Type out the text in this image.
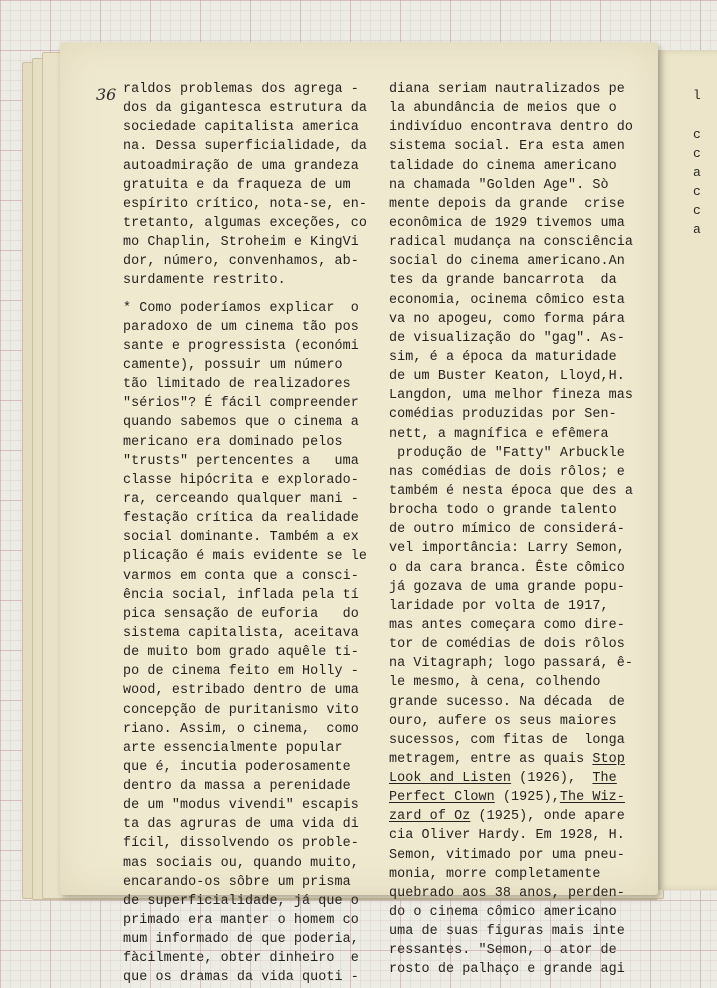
l
c
c
a
c
c
a
36 raldos problemas dos agrega -
dos da gigantesca estrutura da
sociedade capitalista america
na. Dessa superficialidade, da
autoadmiração de uma grandeza
gratuita e da fraqueza de um
espírito crítico, nota-se, en-
tretanto, algumas exceções, co
mo Chaplin, Stroheim e KingVi
dor, número, convenhamos, ab-
surdamente restrito.
* Como poderíamos explicar  o
paradoxo de um cinema tão pos
sante e progressista (económi
camente), possuir um número
tão limitado de realizadores
"sérios"? É fácil compreender
quando sabemos que o cinema a
mericano era dominado pelos
"trusts" pertencentes a   uma
classe hipócrita e explorado-
ra, cerceando qualquer mani -
festação crítica da realidade
social dominante. Também a ex
plicação é mais evidente se le
varmos em conta que a consci-
ência social, inflada pela tí
pica sensação de euforia   do
sistema capitalista, aceitava
de muito bom grado aquêle ti-
po de cinema feito em Holly -
wood, estribado dentro de uma
concepção de puritanismo vito
riano. Assim, o cinema,  como
arte essencialmente popular
que é, incutia poderosamente
dentro da massa a perenidade
de um "modus vivendi" escapis
ta das agruras de uma vida di
fícil, dissolvendo os proble-
mas sociais ou, quando muito,
encarando-os sôbre um prisma
de superficialidade, já que o
primado era manter o homem co
mum informado de que poderia,
fàcilmente, obter dinheiro  e
que os dramas da vida quoti -
diana seriam nautralizados pe
la abundância de meios que o
indivíduo encontrava dentro do
sistema social. Era esta amen
talidade do cinema americano
na chamada "Golden Age". Sò
mente depois da grande  crise
econômica de 1929 tivemos uma
radical mudança na consciência
social do cinema americano.An
tes da grande bancarrota  da
economia, ocinema cômico esta
va no apogeu, como forma pára
de visualização do "gag". As-
sim, é a época da maturidade
de um Buster Keaton, Lloyd,H.
Langdon, uma melhor fineza mas
comédias produzidas por Sen-
nett, a magnífica e efêmera
produção de "Fatty" Arbuckle
nas comédias de dois rôlos; e
também é nesta época que des a
brocha todo o grande talento
de outro mímico de considerá-
vel importância: Larry Semon,
o da cara branca. Êste cômico
já gozava de uma grande popu-
laridade por volta de 1917,
mas antes começara como dire-
tor de comédias de dois rôlos
na Vitagraph; logo passará, ê-
le mesmo, à cena, colhendo
grande sucesso. Na década  de
ouro, aufere os seus maiores
sucessos, com fitas de  longa
metragem, entre as quais Stop
Look and Listen (1926),  The
Perfect Clown (1925),The Wiz-
zard of Oz (1925), onde apare
cia Oliver Hardy. Em 1928, H.
Semon, vitimado por uma pneu-
monia, morre completamente
quebrado aos 38 anos, perden-
do o cinema cômico americano
uma de suas figuras mais inte
ressantes. "Semon, o ator de
rosto de palhaço e grande agi
